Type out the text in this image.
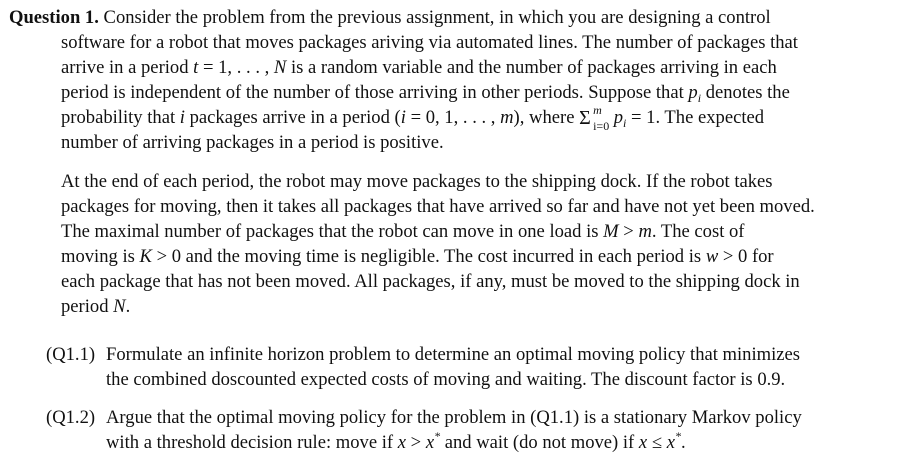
Question 1. Consider the problem from the previous assignment, in which you are designing a control
software for a robot that moves packages ariving via automated lines. The number of packages that
arrive in a period t = 1, . . . , N is a random variable and the number of packages arriving in each
period is independent of the number of those arriving in other periods. Suppose that $p_i$ denotes the
probability that i packages arrive in a period (i = 0, 1, . . . , m), where Σ m
i=0 $p_i = 1$. The expected
number of arriving packages in a period is positive.
At the end of each period, the robot may move packages to the shipping dock. If the robot takes
packages for moving, then it takes all packages that have arrived so far and have not yet been moved.
The maximal number of packages that the robot can move in one load is M > m. The cost of
moving is K > 0 and the moving time is negligible. The cost incurred in each period is w > 0 for
each package that has not been moved. All packages, if any, must be moved to the shipping dock in
period N.
(Q1.1) Formulate an infinite horizon problem to determine an optimal moving policy that minimizes
the combined doscounted expected costs of moving and waiting. The discount factor is 0.9.
(Q1.2) Argue that the optimal moving policy for the problem in (Q1.1) is a stationary Markov policy
with a threshold decision rule: move if x > x* and wait (do not move) if x ≤ x*.
